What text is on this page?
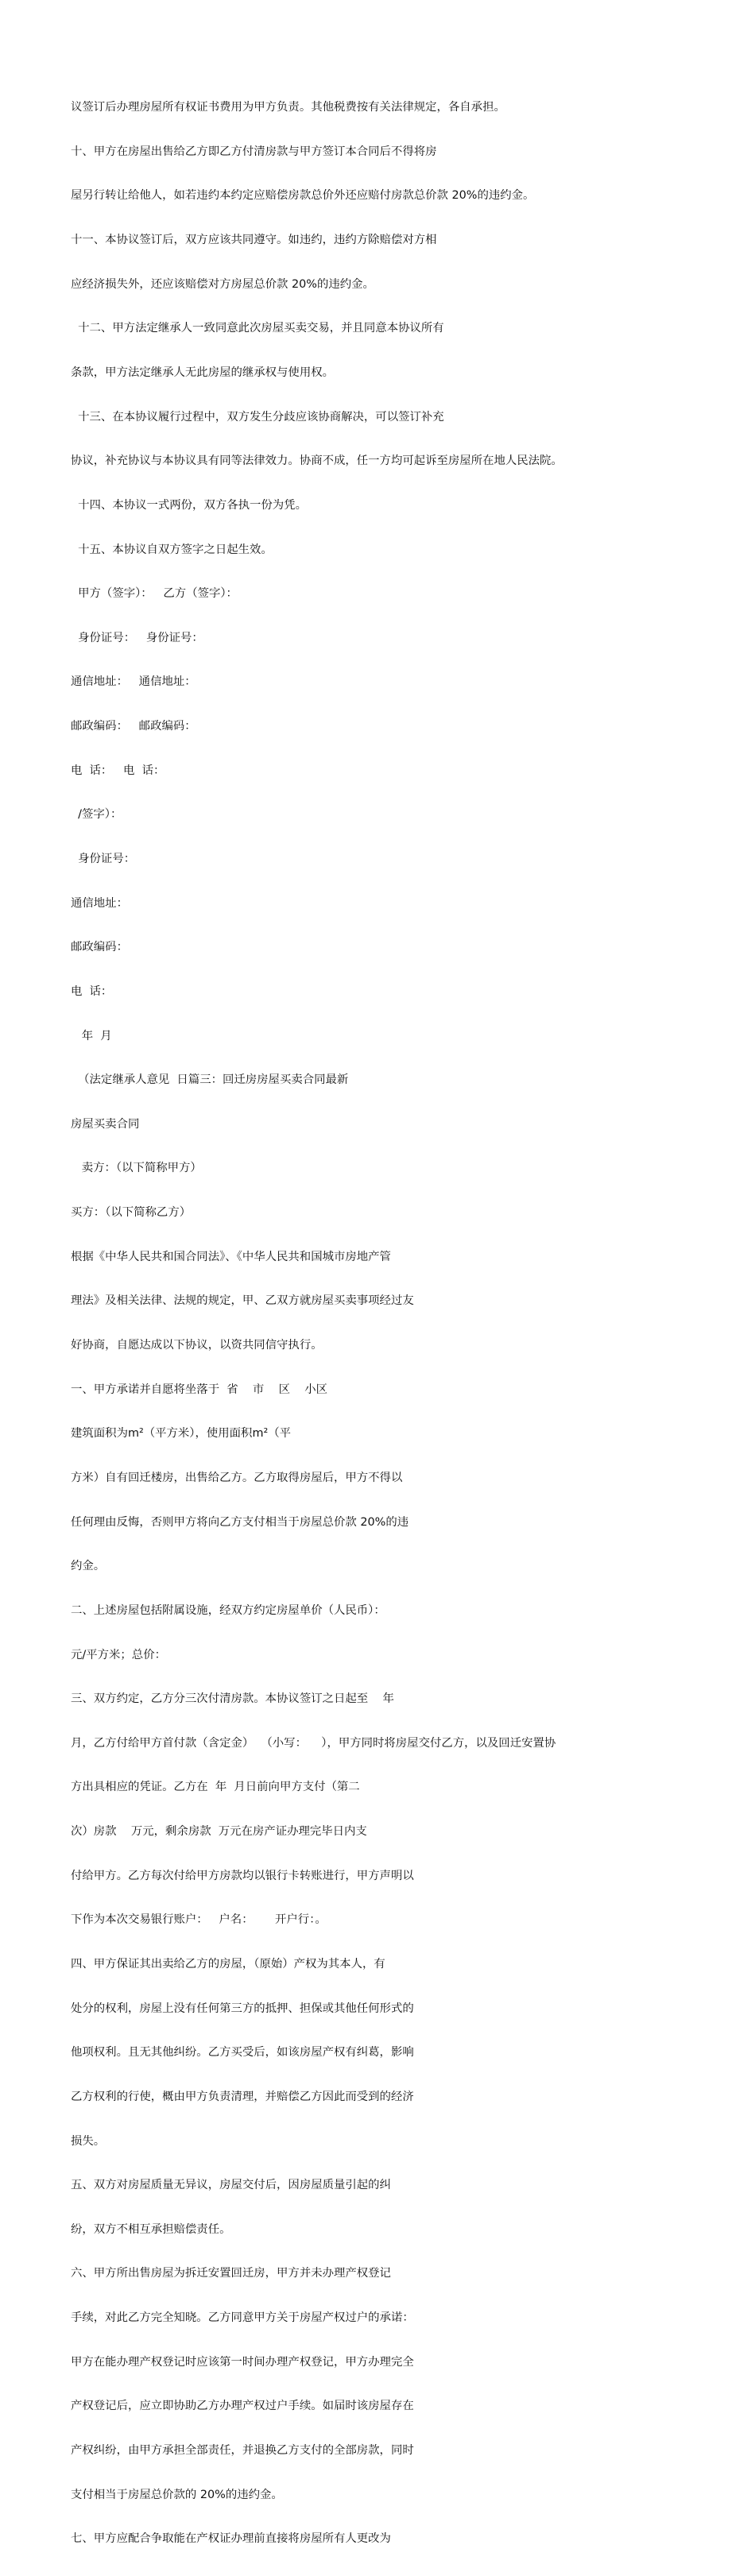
议签订后办理房屋所有权证书费用为甲方负责。其他税费按有关法律规定，各自承担。

十、甲方在房屋出售给乙方即乙方付清房款与甲方签订本合同后不得将房

屋另行转让给他人，如若违约本约定应赔偿房款总价外还应赔付房款总价款 20%的违约金。

十一、本协议签订后，双方应该共同遵守。如违约，违约方除赔偿对方相

应经济损失外，还应该赔偿对方房屋总价款 20%的违约金。

十二、甲方法定继承人一致同意此次房屋买卖交易，并且同意本协议所有

条款，甲方法定继承人无此房屋的继承权与使用权。

十三、在本协议履行过程中，双方发生分歧应该协商解决，可以签订补充

协议，补充协议与本协议具有同等法律效力。协商不成，任一方均可起诉至房屋所在地人民法院。

十四、本协议一式两份，双方各执一份为凭。

十五、本协议自双方签字之日起生效。

甲方（签字）：   乙方（签字）：

身份证号：   身份证号：

通信地址：   通信地址：

邮政编码：   邮政编码：

电  话：   电  话：

/签字）：

身份证号：

通信地址：

邮政编码：

电  话：

年  月

（法定继承人意见  日篇三：回迁房房屋买卖合同最新

房屋买卖合同

卖方：（以下简称甲方）

买方：（以下简称乙方）

根据《中华人民共和国合同法》、《中华人民共和国城市房地产管

理法》及相关法律、法规的规定，甲、乙双方就房屋买卖事项经过友

好协商，自愿达成以下协议，以资共同信守执行。

一、甲方承诺并自愿将坐落于  省    市    区    小区

建筑面积为m²（平方米），使用面积m²（平

方米）自有回迁楼房，出售给乙方。乙方取得房屋后，甲方不得以

任何理由反悔，否则甲方将向乙方支付相当于房屋总价款 20%的违

约金。

二、上述房屋包括附属设施，经双方约定房屋单价（人民币）：

元/平方米；总价：

三、双方约定，乙方分三次付清房款。本协议签订之日起至    年

月，乙方付给甲方首付款（含定金）  （小写：    ），甲方同时将房屋交付乙方，以及回迁安置协

方出具相应的凭证。乙方在  年  月日前向甲方支付（第二

次）房款    万元，剩余房款  万元在房产证办理完毕日内支

付给甲方。乙方每次付给甲方房款均以银行卡转账进行，甲方声明以

下作为本次交易银行账户：   户名：      开户行：。

四、甲方保证其出卖给乙方的房屋，（原始）产权为其本人，有

处分的权利，房屋上没有任何第三方的抵押、担保或其他任何形式的

他项权利。且无其他纠纷。乙方买受后，如该房屋产权有纠葛，影响

乙方权利的行使，概由甲方负责清理，并赔偿乙方因此而受到的经济

损失。

五、双方对房屋质量无异议，房屋交付后，因房屋质量引起的纠

纷，双方不相互承担赔偿责任。

六、甲方所出售房屋为拆迁安置回迁房，甲方并未办理产权登记

手续，对此乙方完全知晓。乙方同意甲方关于房屋产权过户的承诺：

甲方在能办理产权登记时应该第一时间办理产权登记，甲方办理完全

产权登记后，应立即协助乙方办理产权过户手续。如届时该房屋存在

产权纠纷，由甲方承担全部责任，并退换乙方支付的全部房款，同时

支付相当于房屋总价款的 20%的违约金。

七、甲方应配合争取能在产权证办理前直接将房屋所有人更改为
